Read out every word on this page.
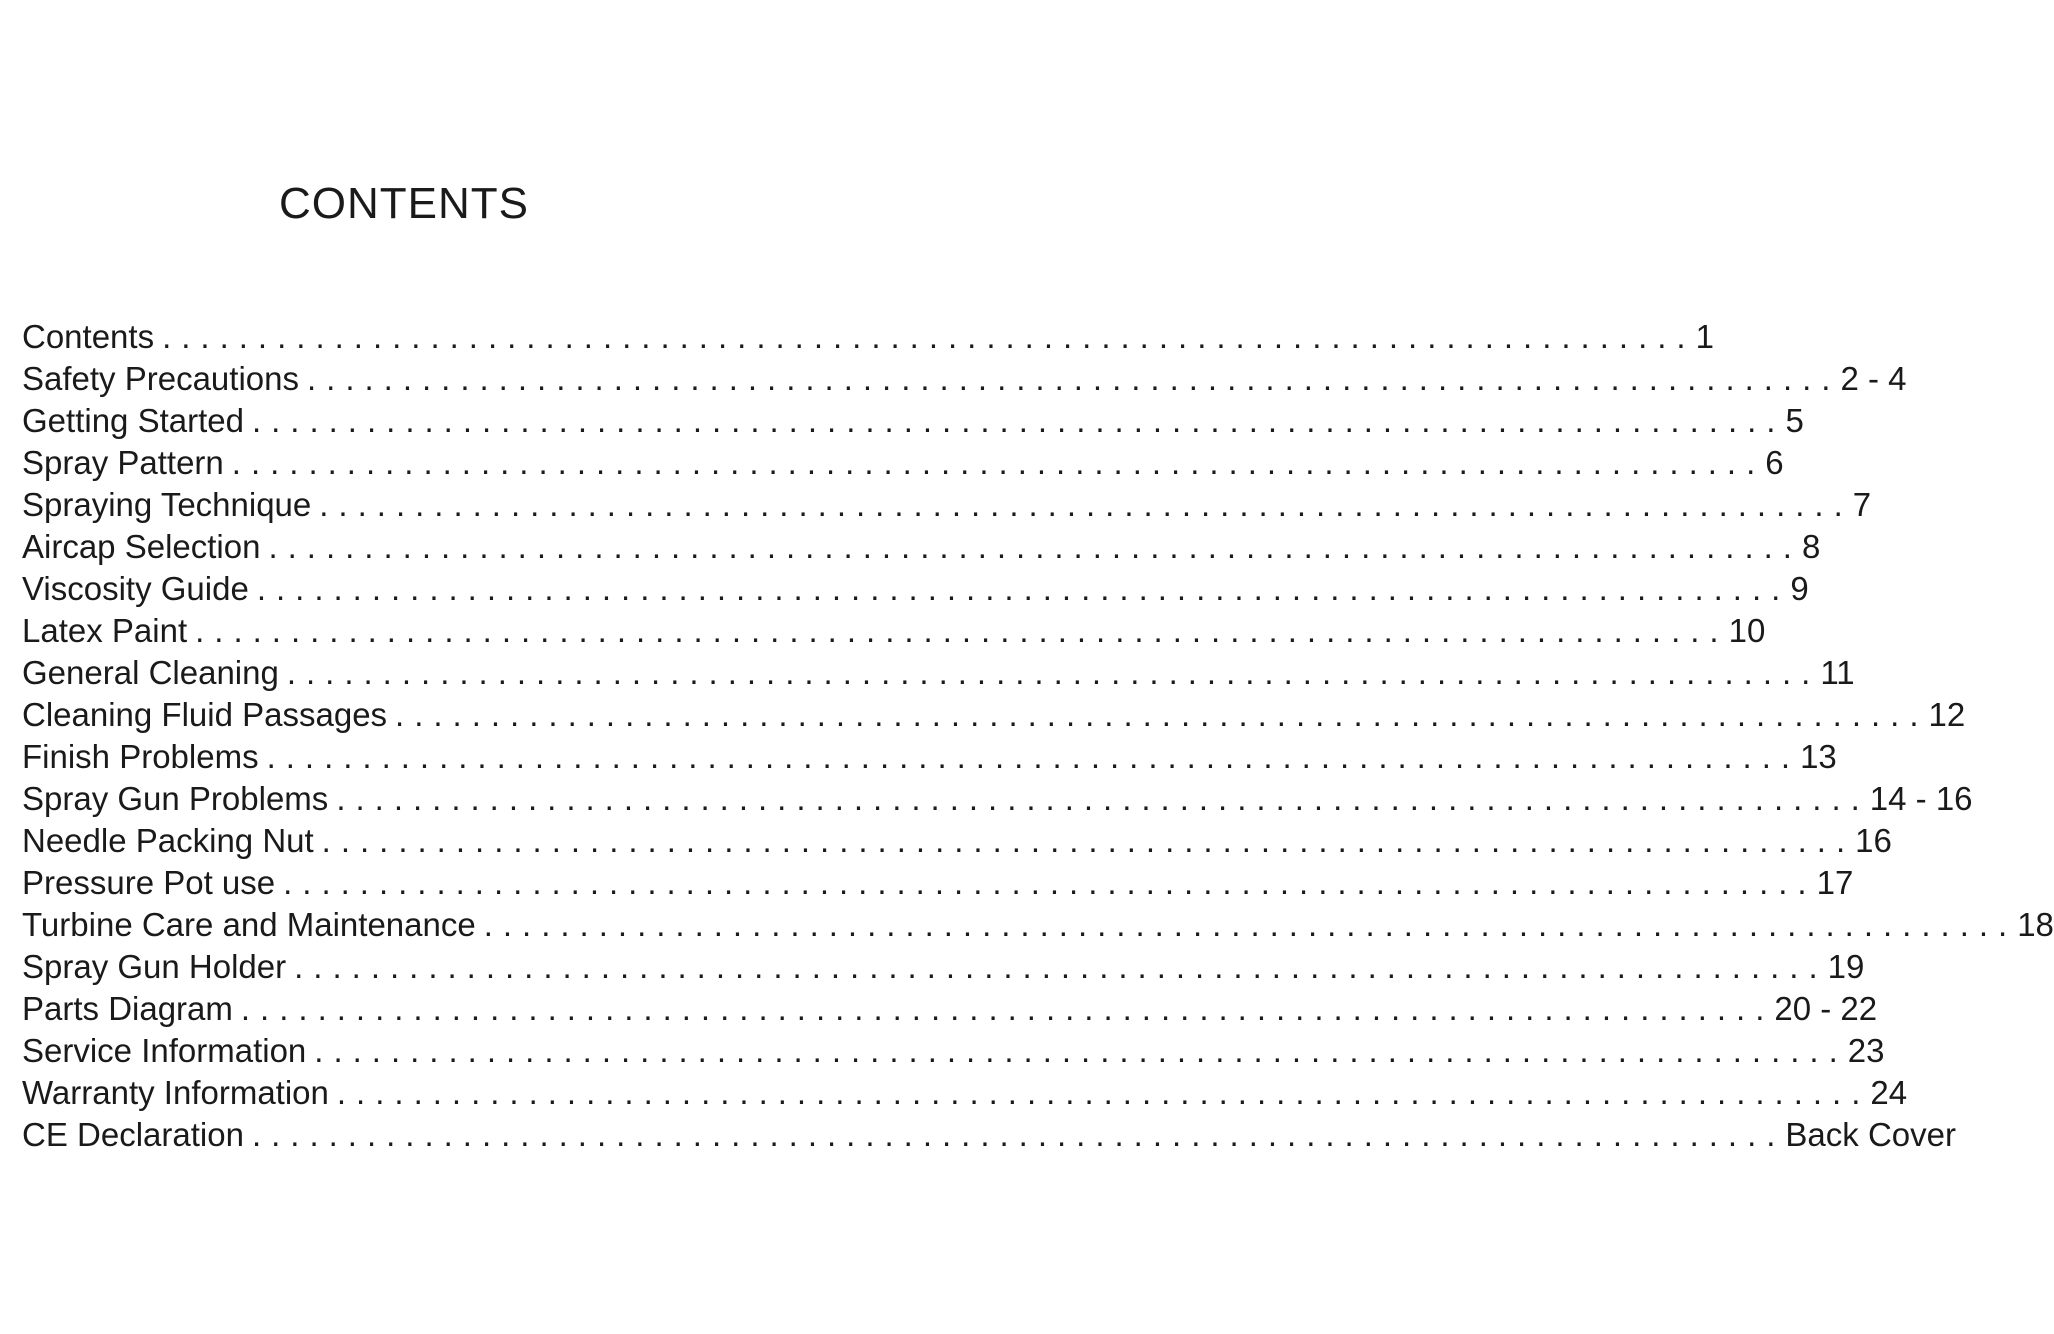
CONTENTS
Contents ................................................................................ 1
Safety Precautions ................................................................................ 2 - 4
Getting Started ................................................................................ 5
Spray Pattern ................................................................................ 6
Spraying Technique ................................................................................ 7
Aircap Selection ................................................................................ 8
Viscosity Guide ................................................................................ 9
Latex Paint ................................................................................ 10
General Cleaning ................................................................................ 11
Cleaning Fluid Passages ................................................................................ 12
Finish Problems ................................................................................ 13
Spray Gun Problems ................................................................................ 14 - 16
Needle Packing Nut ................................................................................ 16
Pressure Pot use ................................................................................ 17
Turbine Care and Maintenance ................................................................................ 18
Spray Gun Holder ................................................................................ 19
Parts Diagram ................................................................................ 20 - 22
Service Information ................................................................................ 23
Warranty Information ................................................................................ 24
CE Declaration ................................................................................ Back Cover
